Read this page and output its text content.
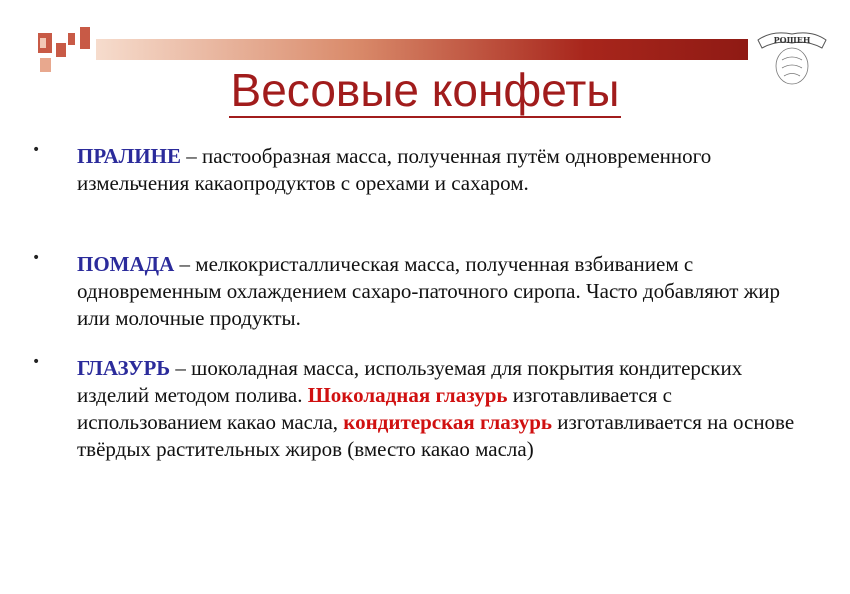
РОШЕН
Весовые конфеты
• ПРАЛИНЕ – пастообразная масса, полученная путём одновременного измельчения какаопродуктов с орехами и сахаром.
• ПОМАДА – мелкокристаллическая масса, полученная взбиванием с одновременным охлаждением сахаро-паточного сиропа. Часто добавляют жир или молочные продукты.
• ГЛАЗУРЬ – шоколадная масса, используемая для покрытия кондитерских изделий методом полива. Шоколадная глазурь изготавливается с использованием какао масла, кондитерская глазурь изготавливается на основе твёрдых растительных жиров (вместо какао масла)
